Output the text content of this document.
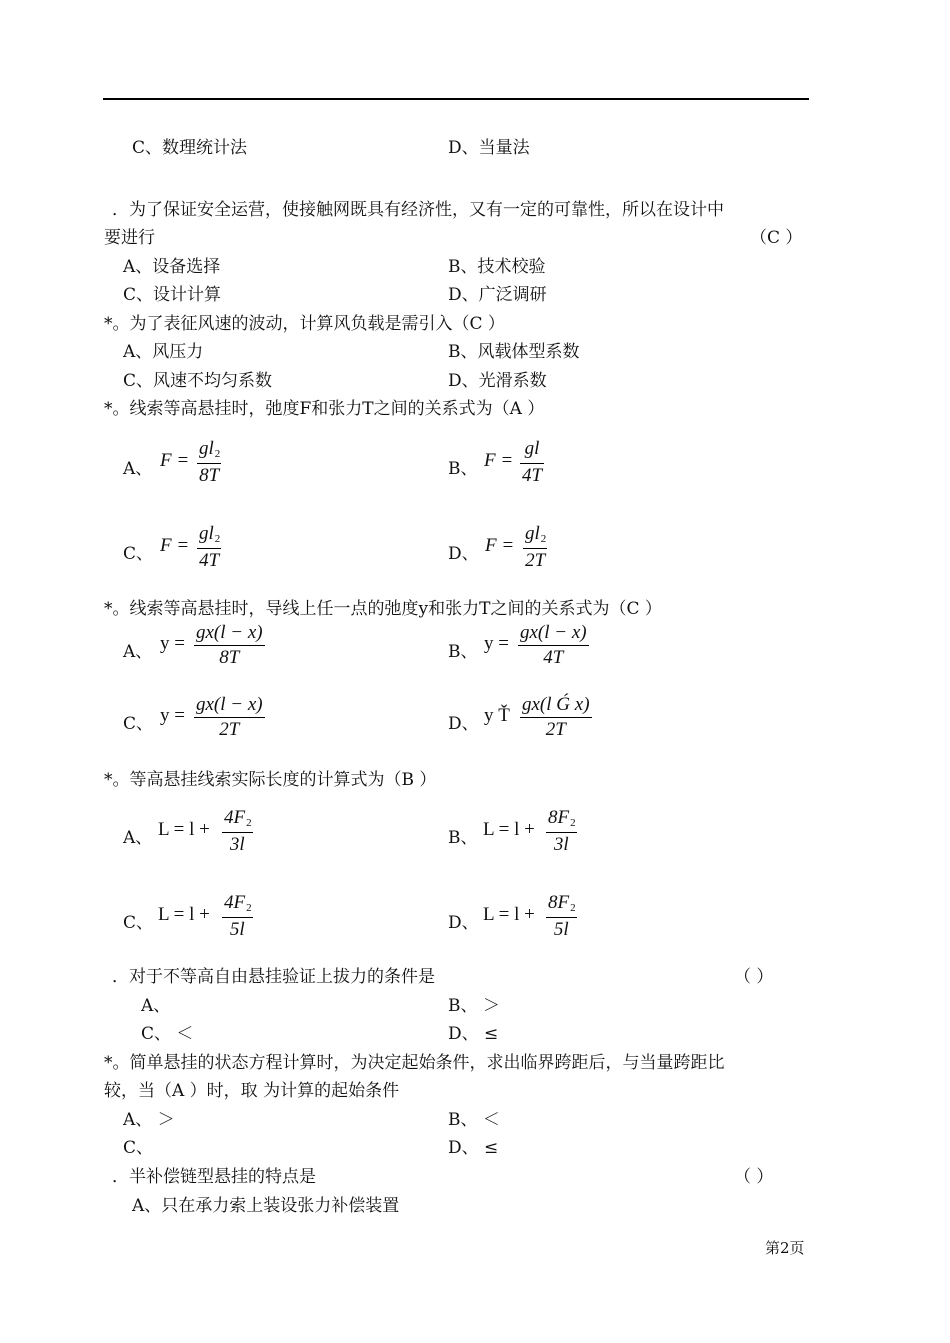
C、数理统计法	D、当量法
．为了保证安全运营，使接触网既具有经济性，又有一定的可靠性，所以在设计中
要进行	（C ）
A、设备选择	B、技术校验
C、设计计算	D、广泛调研
*。为了表征风速的波动，计算风负载是需引入（C ）
A、风压力	B、风载体型系数
C、风速不均匀系数	D、光滑系数
*。线索等高悬挂时，弛度F和张力T之间的关系式为（A ）
A、 $F = \frac{gl2}{8T}$	B、 $F = \frac{gl}{4T}$
C、 $F = \frac{gl2}{4T}$	D、 $F = \frac{gl2}{2T}$
*。线索等高悬挂时，导线上任一点的弛度y和张力T之间的关系式为（C ）
A、 $y = \frac{gx(l - x)}{8T}$	B、 $y = \frac{gx(l - x)}{4T}$
C、 $y = \frac{gx(l - x)}{2T}$	D、 y Ť $\frac{\text{gx(l Ǵ x)}}{2T}$
*。等高悬挂线索实际长度的计算式为（B ）
A、 $L = l + \frac{4F2}{3l}$	B、 $L = l + \frac{8F2}{3l}$
C、 $L = l + \frac{4F2}{5l}$	D、 $L = l + \frac{8F2}{5l}$
．对于不等高自由悬挂验证上拔力的条件是	（ ）
A、	B、 ＞
C、 ＜	D、 ≤
*。简单悬挂的状态方程计算时，为决定起始条件，求出临界跨距后，与当量跨距比
较，当（A ）时，取 为计算的起始条件
A、 ＞	B、 ＜
C、	D、 ≤
．半补偿链型悬挂的特点是	（ ）
A、只在承力索上装设张力补偿装置
第2页
